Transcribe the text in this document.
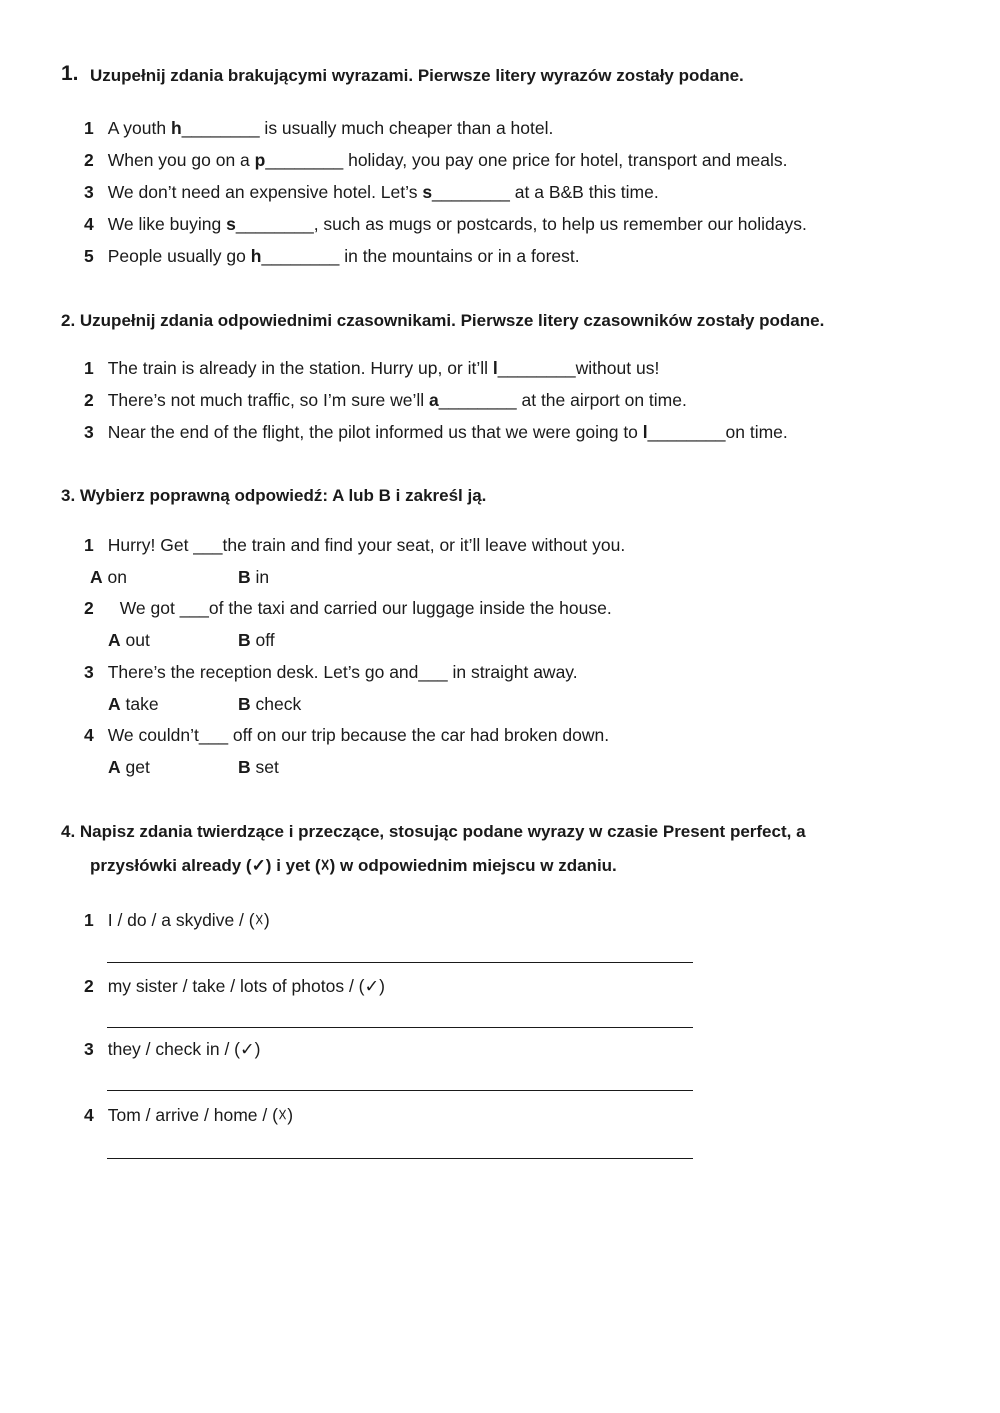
1. Uzupełnij zdania brakującymi wyrazami. Pierwsze litery wyrazów zostały podane.
1 A youth h________ is usually much cheaper than a hotel.
2 When you go on a p________ holiday, you pay one price for hotel, transport and meals.
3 We don’t need an expensive hotel. Let’s s________ at a B&B this time.
4 We like buying s________, such as mugs or postcards, to help us remember our holidays.
5 People usually go h________ in the mountains or in a forest.
2. Uzupełnij zdania odpowiednimi czasownikami. Pierwsze litery czasowników zostały podane.
1 The train is already in the station. Hurry up, or it’ll l________without us!
2 There’s not much traffic, so I’m sure we’ll a________ at the airport on time.
3 Near the end of the flight, the pilot informed us that we were going to l________on time.
3. Wybierz poprawną odpowiedź: A lub B i zakreśl ją.
1 Hurry! Get ___the train and find your seat, or it’ll leave without you.
A on	B in
2 We got ___of the taxi and carried our luggage inside the house.
A out	B off
3 There’s the reception desk. Let’s go and___ in straight away.
A take	B check
4 We couldn’t___ off on our trip because the car had broken down.
A get	B set
4. Napisz zdania twierdzące i przeczące, stosując podane wyrazy w czasie Present perfect, a
przysłówki already (✓) i yet (☓) w odpowiednim miejscu w zdaniu.
1 I / do / a skydive / (☓)
2 my sister / take / lots of photos / (✓)
3 they / check in / (✓)
4 Tom / arrive / home / (☓)
